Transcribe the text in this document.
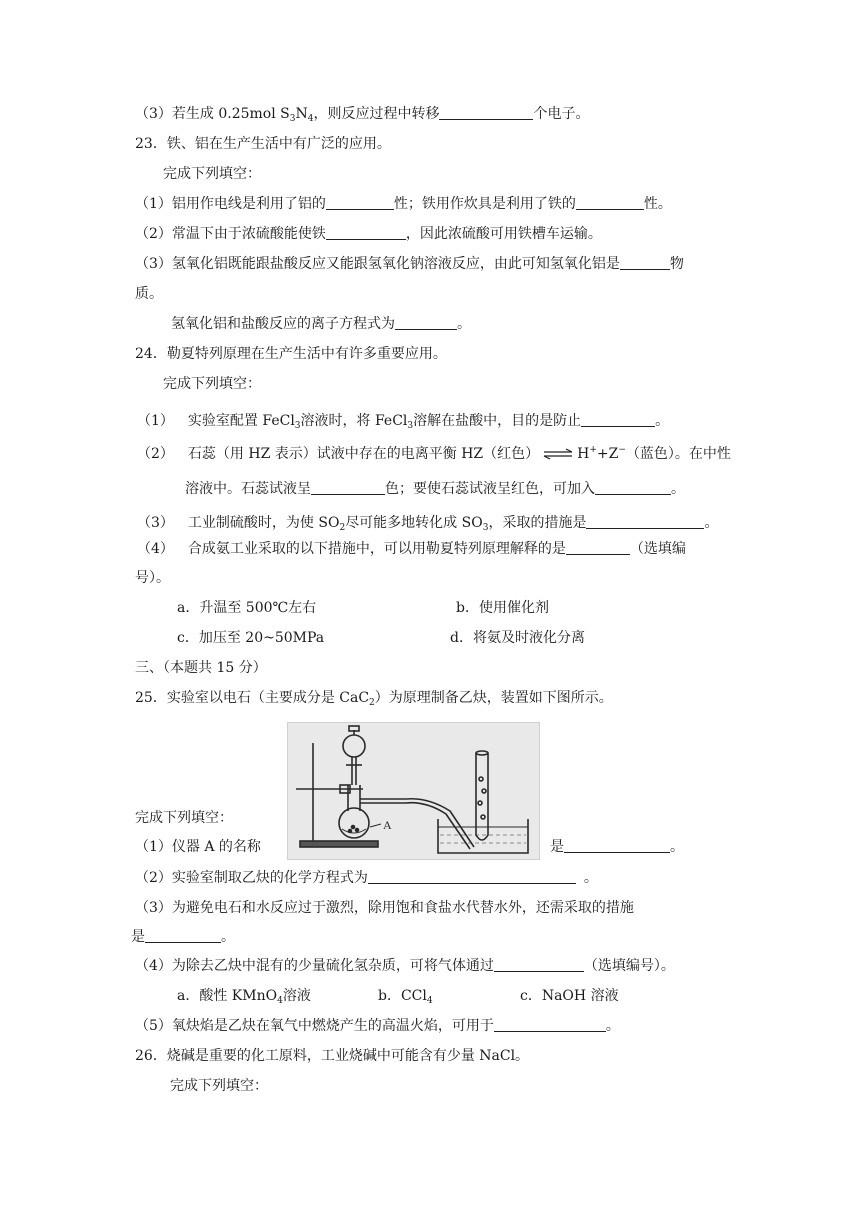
（3）若生成 0.25mol $S_3N_4$，则反应过程中转移	个电子。
23．铁、铝在生产生活中有广泛的应用。
完成下列填空：
（1）铝用作电线是利用了铝的	性；铁用作炊具是利用了铁的	性。
（2）常温下由于浓硫酸能使铁	，因此浓硫酸可用铁槽车运输。
（3）氢氧化铝既能跟盐酸反应又能跟氢氧化钠溶液反应，由此可知氢氧化铝是	物
质。
氢氧化铝和盐酸反应的离子方程式为	。
24．勒夏特列原理在生产生活中有许多重要应用。
完成下列填空：
（1） 实验室配置 FeCl$_3$溶液时，将 FeCl$_3$溶解在盐酸中，目的是防止	。
（2） 石蕊（用 HZ 表示）试液中存在的电离平衡 HZ（红色） ⇌ H++Z−（蓝色）。在中性
溶液中。石蕊试液呈	色；要使石蕊试液呈红色，可加入	。
（3） 工业制硫酸时，为使 $SO_2$尽可能多地转化成 $SO_3$，采取的措施是	。
（4） 合成氨工业采取的以下措施中，可以用勒夏特列原理解释的是	（选填编
号）。
a．升温至 500℃左右	b．使用催化剂
c．加压至 20~50MPa	d．将氨及时液化分离
三、（本题共 15 分）
25．实验室以电石（主要成分是 CaC$_2$）为原理制备乙炔，装置如下图所示。
A
完成下列填空：
（1）仪器 A 的名称	是	。
（2）实验室制取乙炔的化学方程式为	。
（3）为避免电石和水反应过于激烈，除用饱和食盐水代替水外，还需采取的措施
是	。
（4）为除去乙炔中混有的少量硫化氢杂质，可将气体通过	（选填编号）。
a．酸性 KMnO$_4$溶液	b．CCl$_4$	c．NaOH 溶液
（5）氧炔焰是乙炔在氧气中燃烧产生的高温火焰，可用于	。
26．烧碱是重要的化工原料，工业烧碱中可能含有少量 NaCl。
完成下列填空：
